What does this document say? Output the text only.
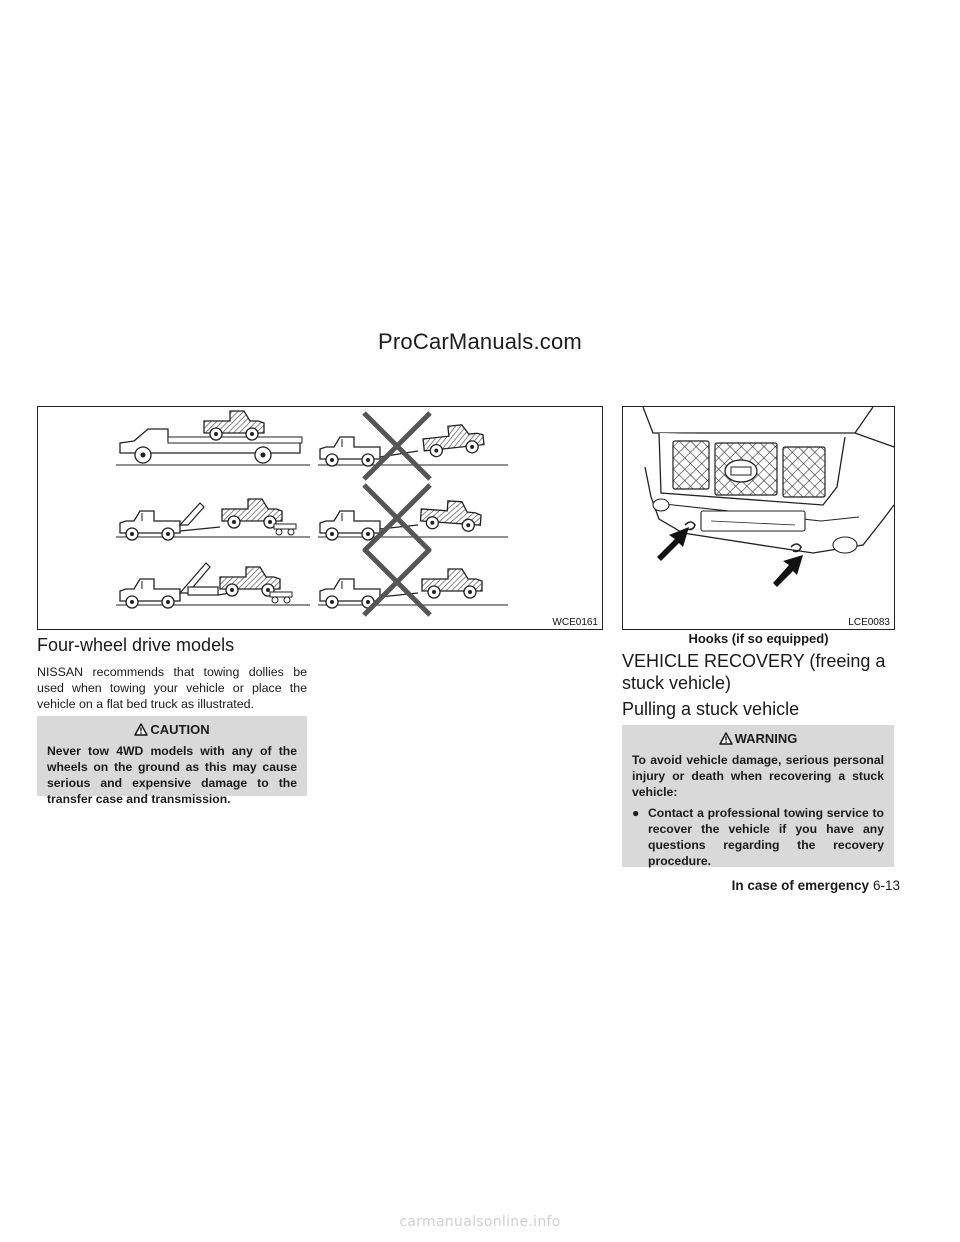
ProCarManuals.com
WCE0161	LCE0083
Hooks (if so equipped)
Four-wheel drive models

NISSAN recommends that towing dollies be used when towing your vehicle or place the vehicle on a flat bed truck as illustrated.

CAUTION
Never tow 4WD models with any of the wheels on the ground as this may cause serious and expensive damage to the transfer case and transmission.
VEHICLE RECOVERY (freeing a stuck vehicle)
Pulling a stuck vehicle
WARNING
To avoid vehicle damage, serious personal injury or death when recovering a stuck vehicle:
● Contact a professional towing service to recover the vehicle if you have any questions regarding the recovery procedure.
In case of emergency 6-13
carmanualsonline.info
